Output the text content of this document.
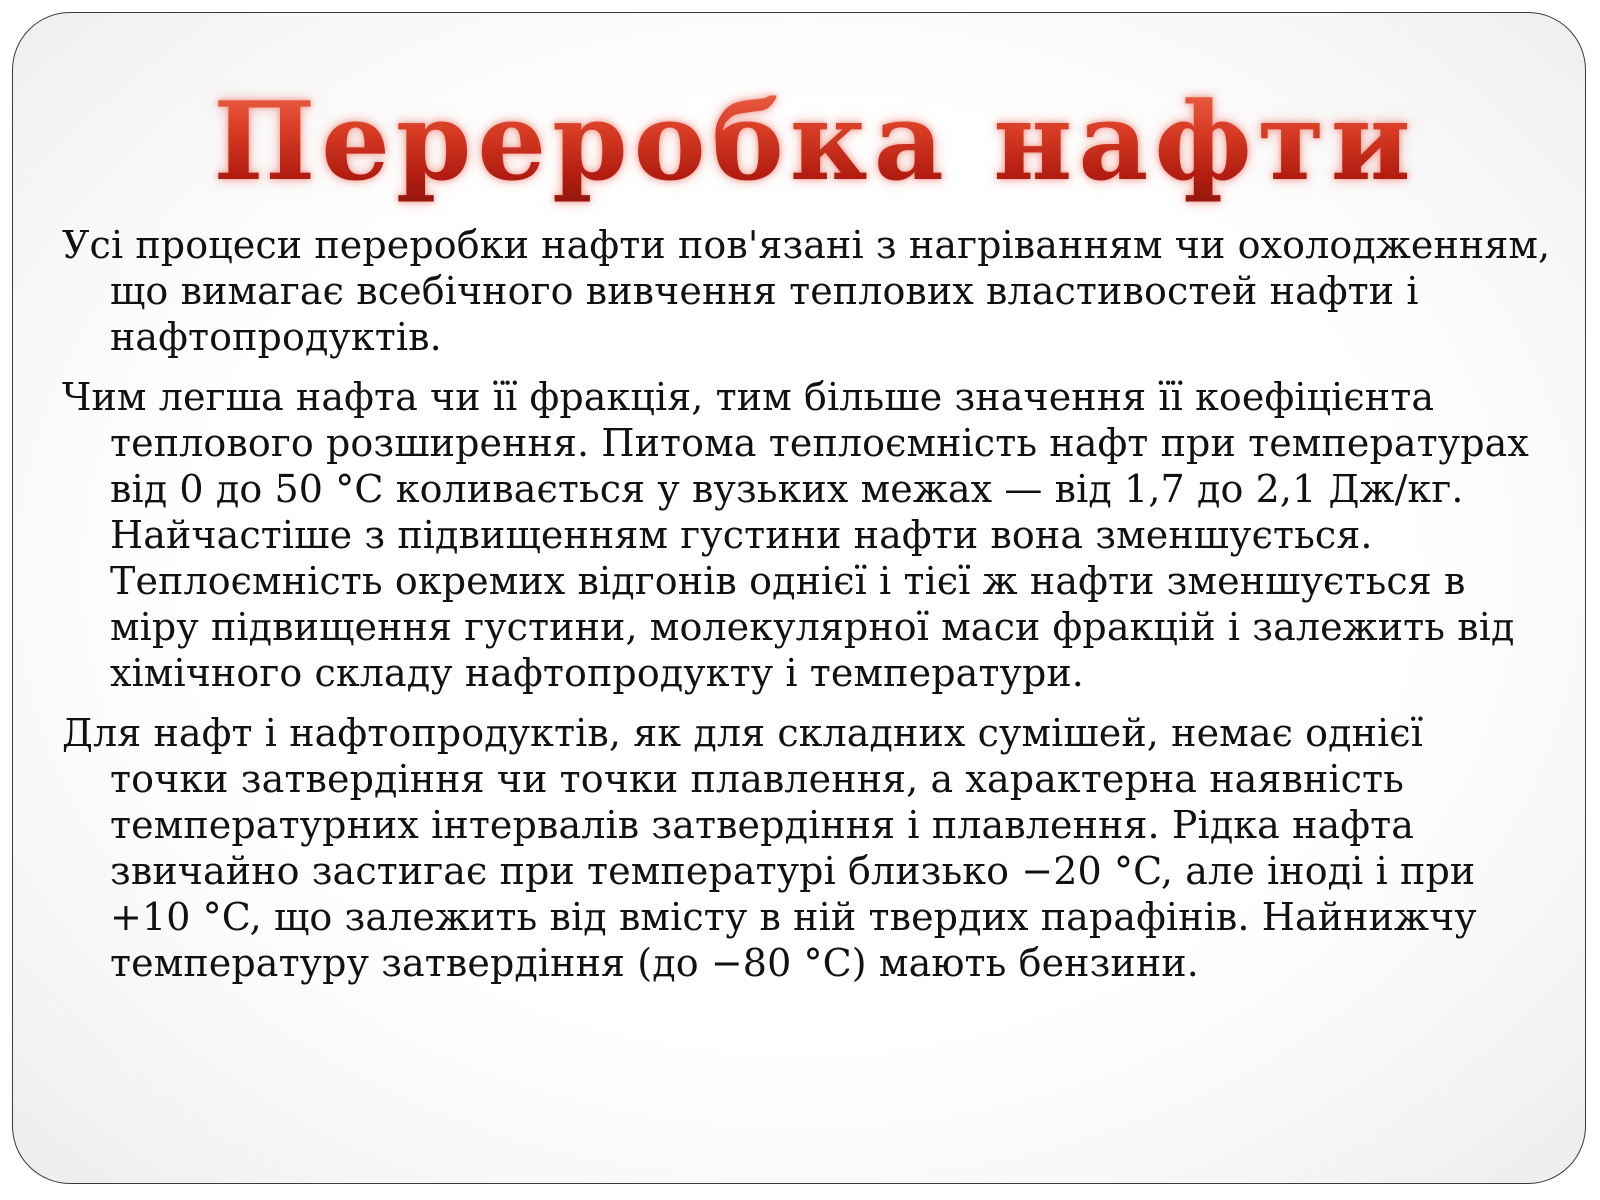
Переробка нафти
Усі процеси переробки нафти пов'язані з нагріванням чи охолодженням, що вимагає всебічного вивчення теплових властивостей нафти і нафтопродуктів.
Чим легша нафта чи її фракція, тим більше значення її коефіцієнта теплового розширення. Питома теплоємність нафт при температурах від 0 до 50 °C коливається у вузьких межах — від 1,7 до 2,1 Дж/кг. Найчастіше з підвищенням густини нафти вона зменшується. Теплоємність окремих відгонів однієї і тієї ж нафти зменшується в міру підвищення густини, молекулярної маси фракцій і залежить від хімічного складу нафтопродукту і температури.
Для нафт і нафтопродуктів, як для складних сумішей, немає однієї точки затвердіння чи точки плавлення, а характерна наявність температурних інтервалів затвердіння і плавлення. Рідка нафта звичайно застигає при температурі близько −20 °C, але іноді і при +10 °C, що залежить від вмісту в ній твердих парафінів. Найнижчу температуру затвердіння (до −80 °C) мають бензини.
